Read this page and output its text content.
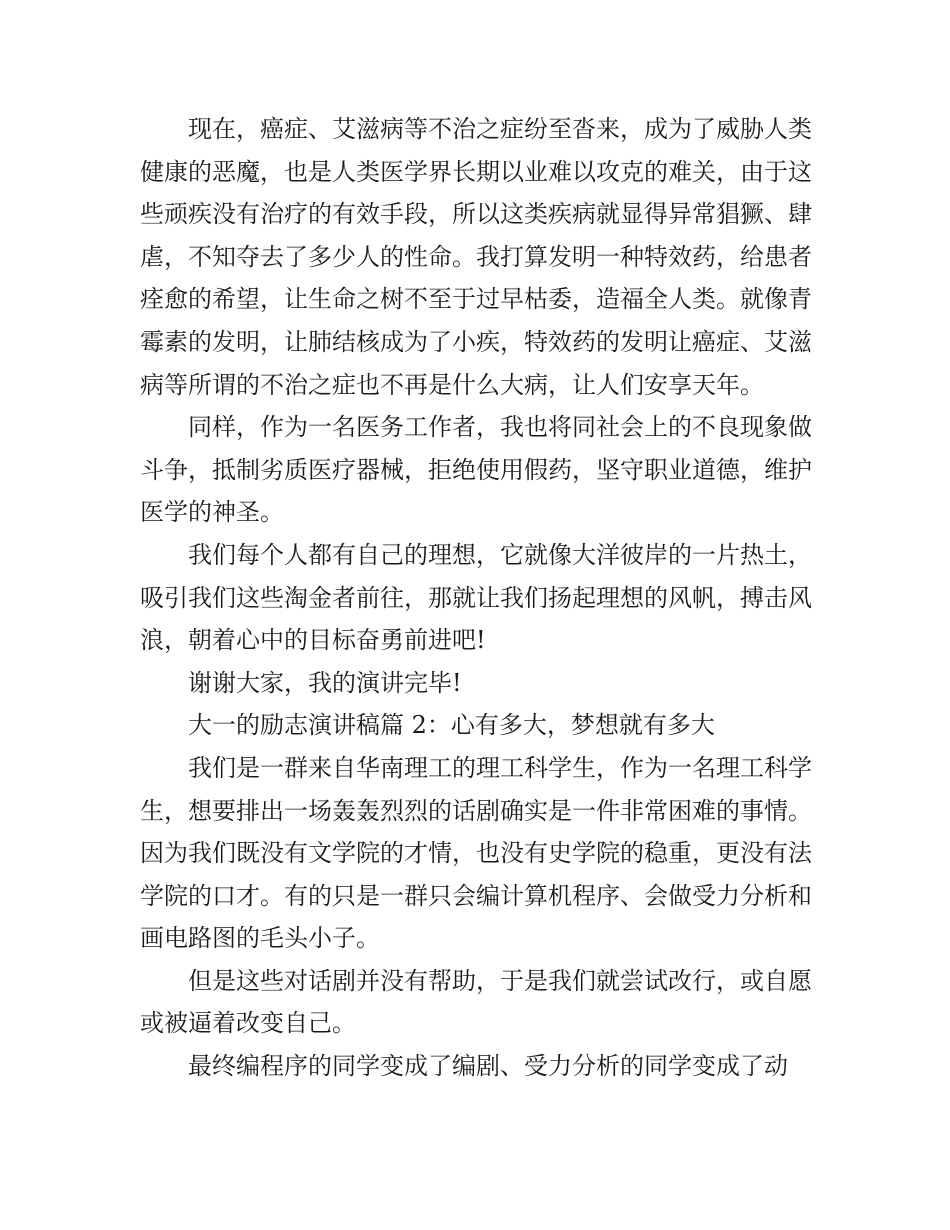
现在，癌症、艾滋病等不治之症纷至沓来，成为了威胁人类健康的恶魔，也是人类医学界长期以业难以攻克的难关，由于这些顽疾没有治疗的有效手段，所以这类疾病就显得异常猖獗、肆虐，不知夺去了多少人的性命。我打算发明一种特效药，给患者痊愈的希望，让生命之树不至于过早枯委，造福全人类。就像青霉素的发明，让肺结核成为了小疾，特效药的发明让癌症、艾滋病等所谓的不治之症也不再是什么大病，让人们安享天年。

同样，作为一名医务工作者，我也将同社会上的不良现象做斗争，抵制劣质医疗器械，拒绝使用假药，坚守职业道德，维护医学的神圣。

我们每个人都有自己的理想，它就像大洋彼岸的一片热土，吸引我们这些淘金者前往，那就让我们扬起理想的风帆，搏击风浪，朝着心中的目标奋勇前进吧!

谢谢大家，我的演讲完毕!

大一的励志演讲稿篇 2：心有多大，梦想就有多大

我们是一群来自华南理工的理工科学生，作为一名理工科学生，想要排出一场轰轰烈烈的话剧确实是一件非常困难的事情。因为我们既没有文学院的才情，也没有史学院的稳重，更没有法学院的口才。有的只是一群只会编计算机程序、会做受力分析和画电路图的毛头小子。

但是这些对话剧并没有帮助，于是我们就尝试改行，或自愿或被逼着改变自己。

最终编程序的同学变成了编剧、受力分析的同学变成了动
